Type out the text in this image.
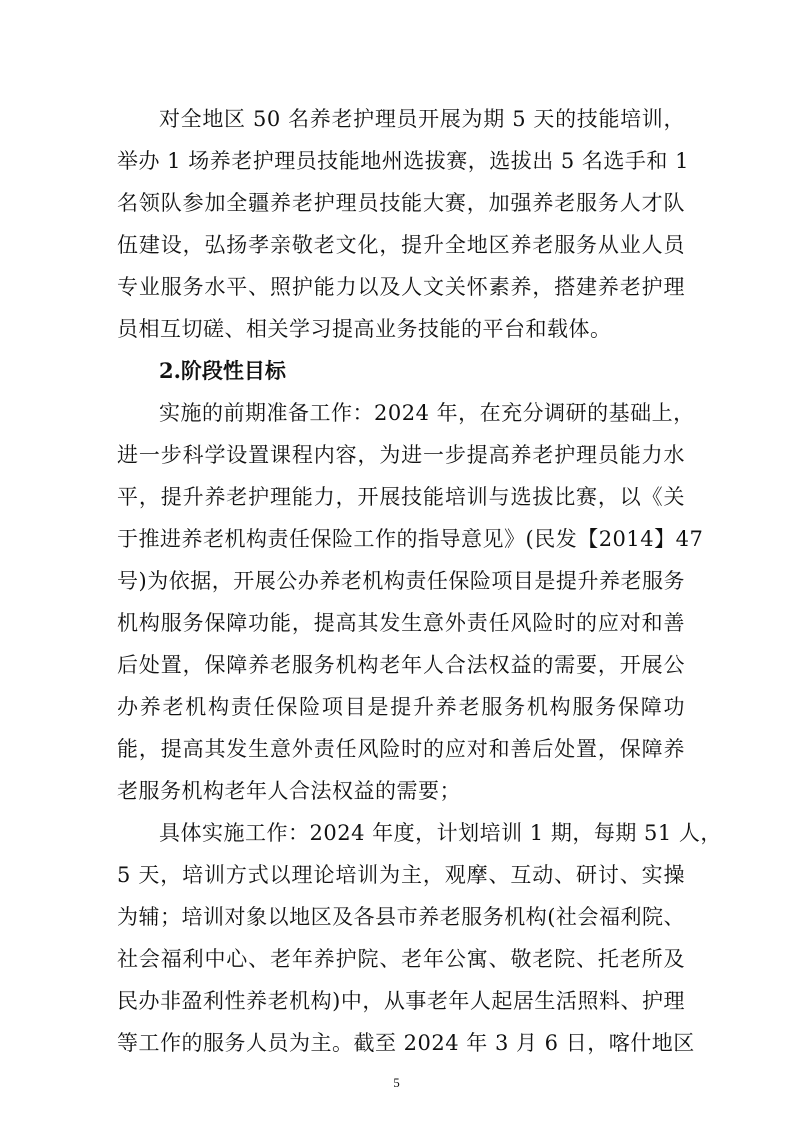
对全地区 50 名养老护理员开展为期 5 天的技能培训，
举办 1 场养老护理员技能地州选拔赛，选拔出 5 名选手和 1
名领队参加全疆养老护理员技能大赛，加强养老服务人才队
伍建设，弘扬孝亲敬老文化，提升全地区养老服务从业人员
专业服务水平、照护能力以及人文关怀素养，搭建养老护理
员相互切磋、相关学习提高业务技能的平台和载体。
2.阶段性目标
实施的前期准备工作：2024 年，在充分调研的基础上，
进一步科学设置课程内容，为进一步提高养老护理员能力水
平，提升养老护理能力，开展技能培训与选拔比赛，以《关
于推进养老机构责任保险工作的指导意见》(民发【2014】47
号)为依据，开展公办养老机构责任保险项目是提升养老服务
机构服务保障功能，提高其发生意外责任风险时的应对和善
后处置，保障养老服务机构老年人合法权益的需要，开展公
办养老机构责任保险项目是提升养老服务机构服务保障功
能，提高其发生意外责任风险时的应对和善后处置，保障养
老服务机构老年人合法权益的需要；
具体实施工作：2024 年度，计划培训 1 期，每期 51 人，
5 天，培训方式以理论培训为主，观摩、互动、研讨、实操
为辅；培训对象以地区及各县市养老服务机构(社会福利院、
社会福利中心、老年养护院、老年公寓、敬老院、托老所及
民办非盈利性养老机构)中，从事老年人起居生活照料、护理
等工作的服务人员为主。截至 2024 年 3 月 6 日，喀什地区
5
